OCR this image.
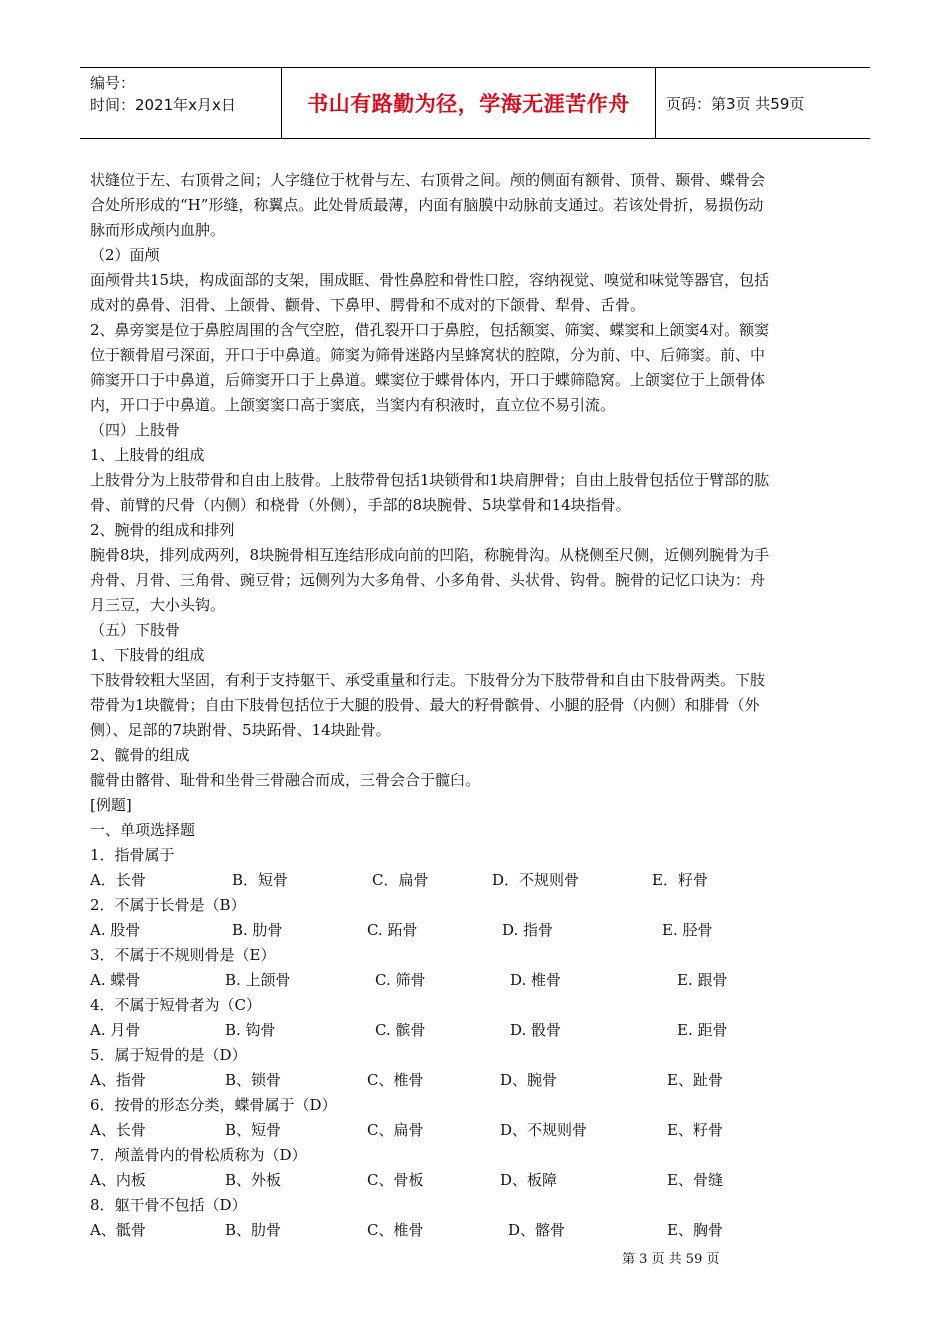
编号：
时间：2021年x月x日	书山有路勤为径，学海无涯苦作舟	页码：第3页 共59页
状缝位于左、右顶骨之间；人字缝位于枕骨与左、右顶骨之间。颅的侧面有额骨、顶骨、颞骨、蝶骨会
合处所形成的“H”形缝，称翼点。此处骨质最薄，内面有脑膜中动脉前支通过。若该处骨折，易损伤动
脉而形成颅内血肿。
（2）面颅
面颅骨共15块，构成面部的支架，围成眶、骨性鼻腔和骨性口腔，容纳视觉、嗅觉和味觉等器官，包括
成对的鼻骨、泪骨、上颌骨、颧骨、下鼻甲、腭骨和不成对的下颌骨、犁骨、舌骨。
2、鼻旁窦是位于鼻腔周围的含气空腔，借孔裂开口于鼻腔，包括额窦、筛窦、蝶窦和上颌窦4对。额窦
位于额骨眉弓深面，开口于中鼻道。筛窦为筛骨迷路内呈蜂窝状的腔隙，分为前、中、后筛窦。前、中
筛窦开口于中鼻道，后筛窦开口于上鼻道。蝶窦位于蝶骨体内，开口于蝶筛隐窝。上颌窦位于上颌骨体
内，开口于中鼻道。上颌窦窦口高于窦底，当窦内有积液时，直立位不易引流。
（四）上肢骨
1、上肢骨的组成
上肢骨分为上肢带骨和自由上肢骨。上肢带骨包括1块锁骨和1块肩胛骨；自由上肢骨包括位于臂部的肱
骨、前臂的尺骨（内侧）和桡骨（外侧），手部的8块腕骨、5块掌骨和14块指骨。
2、腕骨的组成和排列
腕骨8块，排列成两列，8块腕骨相互连结形成向前的凹陷，称腕骨沟。从桡侧至尺侧，近侧列腕骨为手
舟骨、月骨、三角骨、豌豆骨；远侧列为大多角骨、小多角骨、头状骨、钩骨。腕骨的记忆口诀为：舟
月三豆，大小头钩。
（五）下肢骨
1、下肢骨的组成
下肢骨较粗大坚固，有利于支持躯干、承受重量和行走。下肢骨分为下肢带骨和自由下肢骨两类。下肢
带骨为1块髋骨；自由下肢骨包括位于大腿的股骨、最大的籽骨髌骨、小腿的胫骨（内侧）和腓骨（外
侧）、足部的7块跗骨、5块跖骨、14块趾骨。
2、髋骨的组成
髋骨由髂骨、耻骨和坐骨三骨融合而成，三骨会合于髋臼。
[例题]
一、单项选择题
1．指骨属于
A．长骨	B．短骨	C．扁骨	D．不规则骨	E．籽骨
2．不属于长骨是（B）
A. 股骨	B. 肋骨	C. 跖骨	D. 指骨	E. 胫骨
3．不属于不规则骨是（E）
A. 蝶骨	B. 上颌骨	C. 筛骨	D. 椎骨	E. 跟骨
4．不属于短骨者为（C）
A. 月骨	B. 钩骨	C. 髌骨	D. 骰骨	E. 距骨
5．属于短骨的是（D）
A、指骨	B、锁骨	C、椎骨	D、腕骨	E、趾骨
6．按骨的形态分类，蝶骨属于（D）
A、长骨	B、短骨	C、扁骨	D、不规则骨	E、籽骨
7．颅盖骨内的骨松质称为（D）
A、内板	B、外板	C、骨板	D、板障	E、骨缝
8．躯干骨不包括（D）
A、骶骨	B、肋骨	C、椎骨	D、髂骨	E、胸骨
第 3 页 共 59 页
